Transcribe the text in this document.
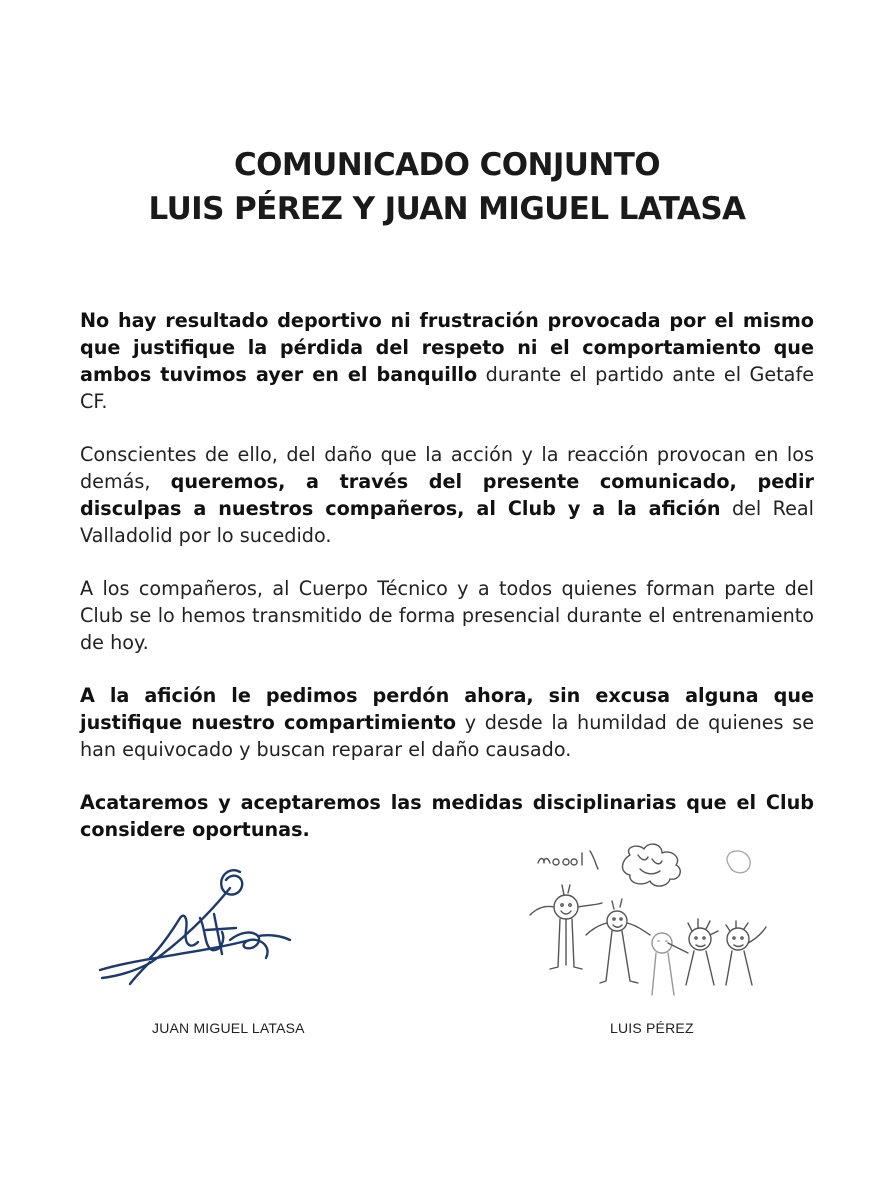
COMUNICADO CONJUNTO
LUIS PÉREZ Y JUAN MIGUEL LATASA

No hay resultado deportivo ni frustración provocada por el mismo que justifique la pérdida del respeto ni el comportamiento que ambos tuvimos ayer en el banquillo durante el partido ante el Getafe CF.

Conscientes de ello, del daño que la acción y la reacción provocan en los demás, queremos, a través del presente comunicado, pedir disculpas a nuestros compañeros, al Club y a la afición del Real Valladolid por lo sucedido.

A los compañeros, al Cuerpo Técnico y a todos quienes forman parte del Club se lo hemos transmitido de forma presencial durante el entrenamiento de hoy.

A la afición le pedimos perdón ahora, sin excusa alguna que justifique nuestro compartimiento y desde la humildad de quienes se han equivocado y buscan reparar el daño causado.

Acataremos y aceptaremos las medidas disciplinarias que el Club considere oportunas.

JUAN MIGUEL LATASA	LUIS PÉREZ
